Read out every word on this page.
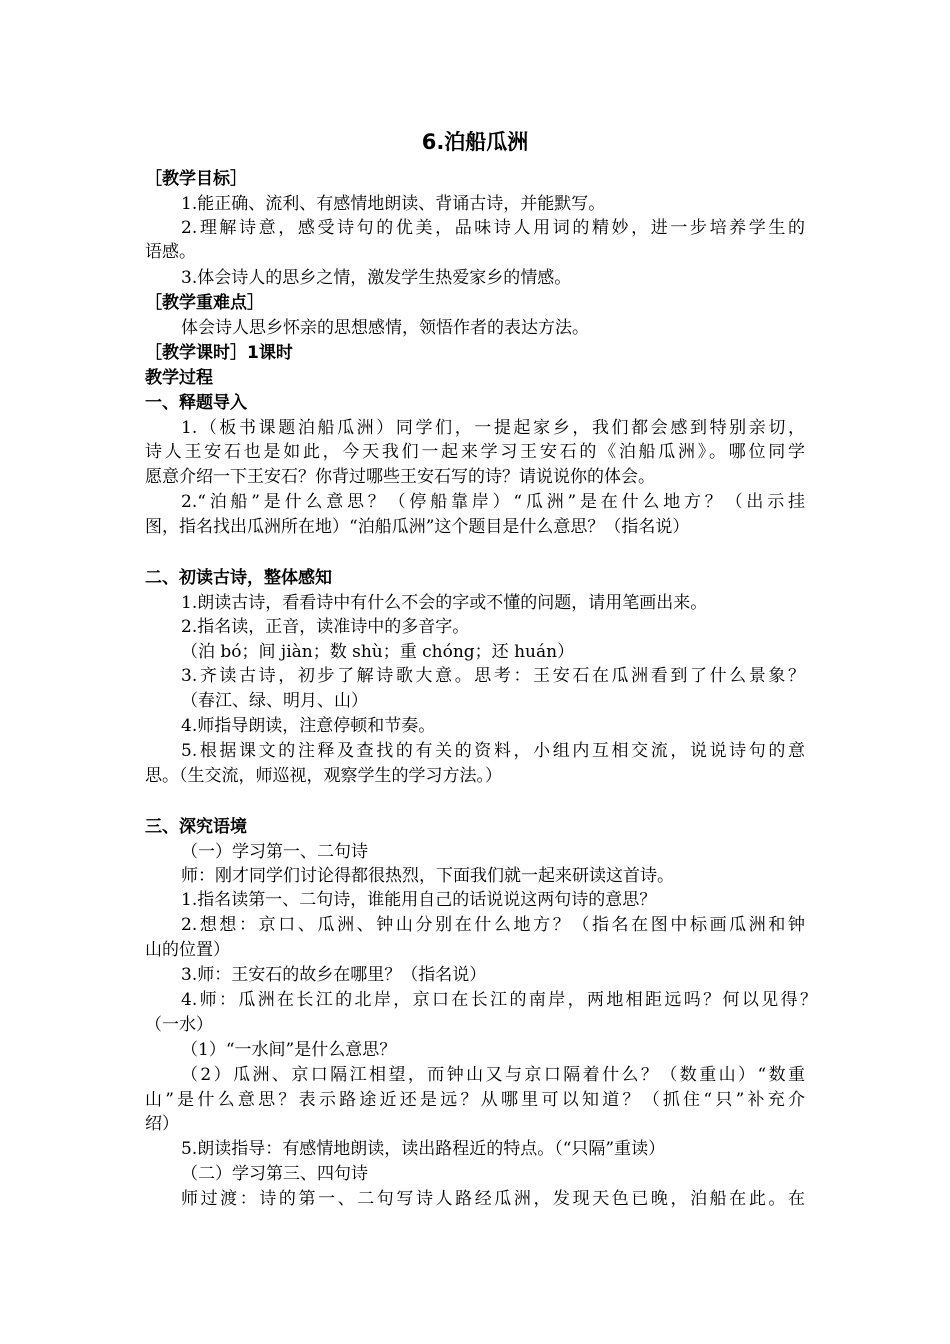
6.泊船瓜洲
［教学目标］
1.能正确、流利、有感情地朗读、背诵古诗，并能默写。
2.理解诗意，感受诗句的优美，品味诗人用词的精妙，进一步培养学生的
语感。
3.体会诗人的思乡之情，激发学生热爱家乡的情感。
［教学重难点］
体会诗人思乡怀亲的思想感情，领悟作者的表达方法。
［教学课时］1课时
教学过程
一、释题导入
1.（板书课题泊船瓜洲）同学们，一提起家乡，我们都会感到特别亲切，
诗人王安石也是如此，今天我们一起来学习王安石的《泊船瓜洲》。哪位同学
愿意介绍一下王安石？你背过哪些王安石写的诗？请说说你的体会。
2.“泊船”是什么意思？（停船靠岸）“瓜洲”是在什么地方？（出示挂
图，指名找出瓜洲所在地）“泊船瓜洲”这个题目是什么意思？（指名说）
二、初读古诗，整体感知
1.朗读古诗，看看诗中有什么不会的字或不懂的问题，请用笔画出来。
2.指名读，正音，读准诗中的多音字。
（泊 bó；间 jiàn；数 shù；重 chóng；还 huán）
3.齐读古诗，初步了解诗歌大意。思考：王安石在瓜洲看到了什么景象？
（春江、绿、明月、山）
4.师指导朗读，注意停顿和节奏。
5.根据课文的注释及查找的有关的资料，小组内互相交流，说说诗句的意
思。（生交流，师巡视，观察学生的学习方法。）
三、深究语境
（一）学习第一、二句诗
师：刚才同学们讨论得都很热烈，下面我们就一起来研读这首诗。
1.指名读第一、二句诗，谁能用自己的话说说这两句诗的意思？
2.想想：京口、瓜洲、钟山分别在什么地方？（指名在图中标画瓜洲和钟
山的位置）
3.师：王安石的故乡在哪里？（指名说）
4.师：瓜洲在长江的北岸，京口在长江的南岸，两地相距远吗？何以见得？
（一水）
（1）“一水间”是什么意思？
（2）瓜洲、京口隔江相望，而钟山又与京口隔着什么？（数重山）“数重
山”是什么意思？表示路途近还是远？从哪里可以知道？（抓住“只”补充介
绍）
5.朗读指导：有感情地朗读，读出路程近的特点。（“只隔”重读）
（二）学习第三、四句诗
师过渡：诗的第一、二句写诗人路经瓜洲，发现天色已晚，泊船在此。在
